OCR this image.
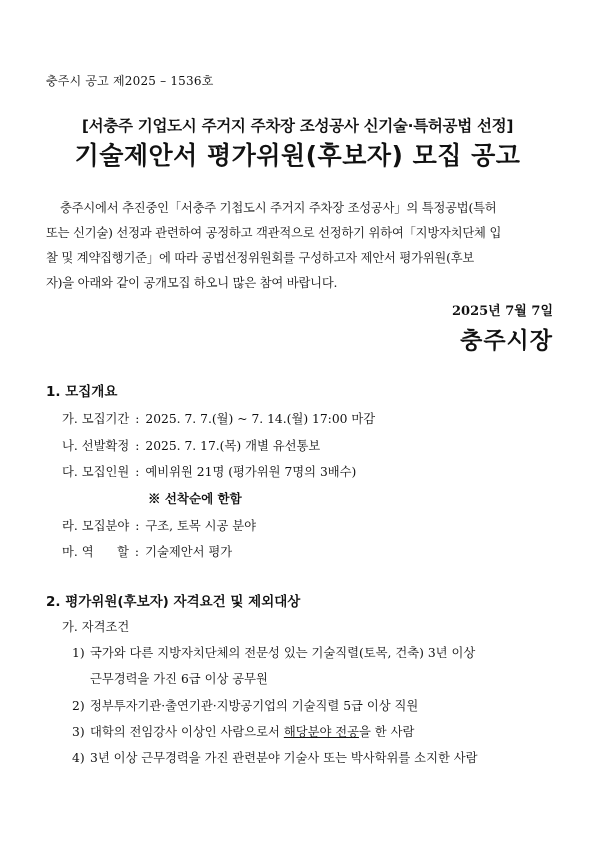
충주시 공고 제2025 – 1536호
[서충주 기업도시 주거지 주차장 조성공사 신기술·특허공법 선정]
기술제안서 평가위원(후보자) 모집 공고
충주시에서 추진중인「서충주 기첩도시 주거지 주차장 조성공사」의 특정공법(특허
또는 신기술) 선정과 관련하여 공정하고 객관적으로 선정하기 위하여「지방자치단체 입
찰 및 계약집행기준」에 따라 공법선정위원회를 구성하고자 제안서 평가위원(후보
자)을 아래와 같이 공개모집 하오니 많은 참여 바랍니다.
2025년 7월 7일
충주시장
1. 모집개요
가. 모집기간 : 2025. 7. 7.(월) ~ 7. 14.(월) 17:00 마감
나. 선발확정 : 2025. 7. 17.(목) 개별 유선통보
다. 모집인원 : 예비위원 21명 (평가위원 7명의 3배수)
※ 선착순에 한함
라. 모집분야 : 구조, 토목 시공 분야
마. 역      할 : 기술제안서 평가
2. 평가위원(후보자) 자격요건 및 제외대상
가. 자격조건
1) 국가와 다른 지방자치단체의 전문성 있는 기술직렬(토목, 건축) 3년 이상
근무경력을 가진 6급 이상 공무원
2) 정부투자기관·출연기관·지방공기업의 기술직렬 5급 이상 직원
3) 대학의 전임강사 이상인 사람으로서 해당분야 전공을 한 사람
4) 3년 이상 근무경력을 가진 관련분야 기술사 또는 박사학위를 소지한 사람
